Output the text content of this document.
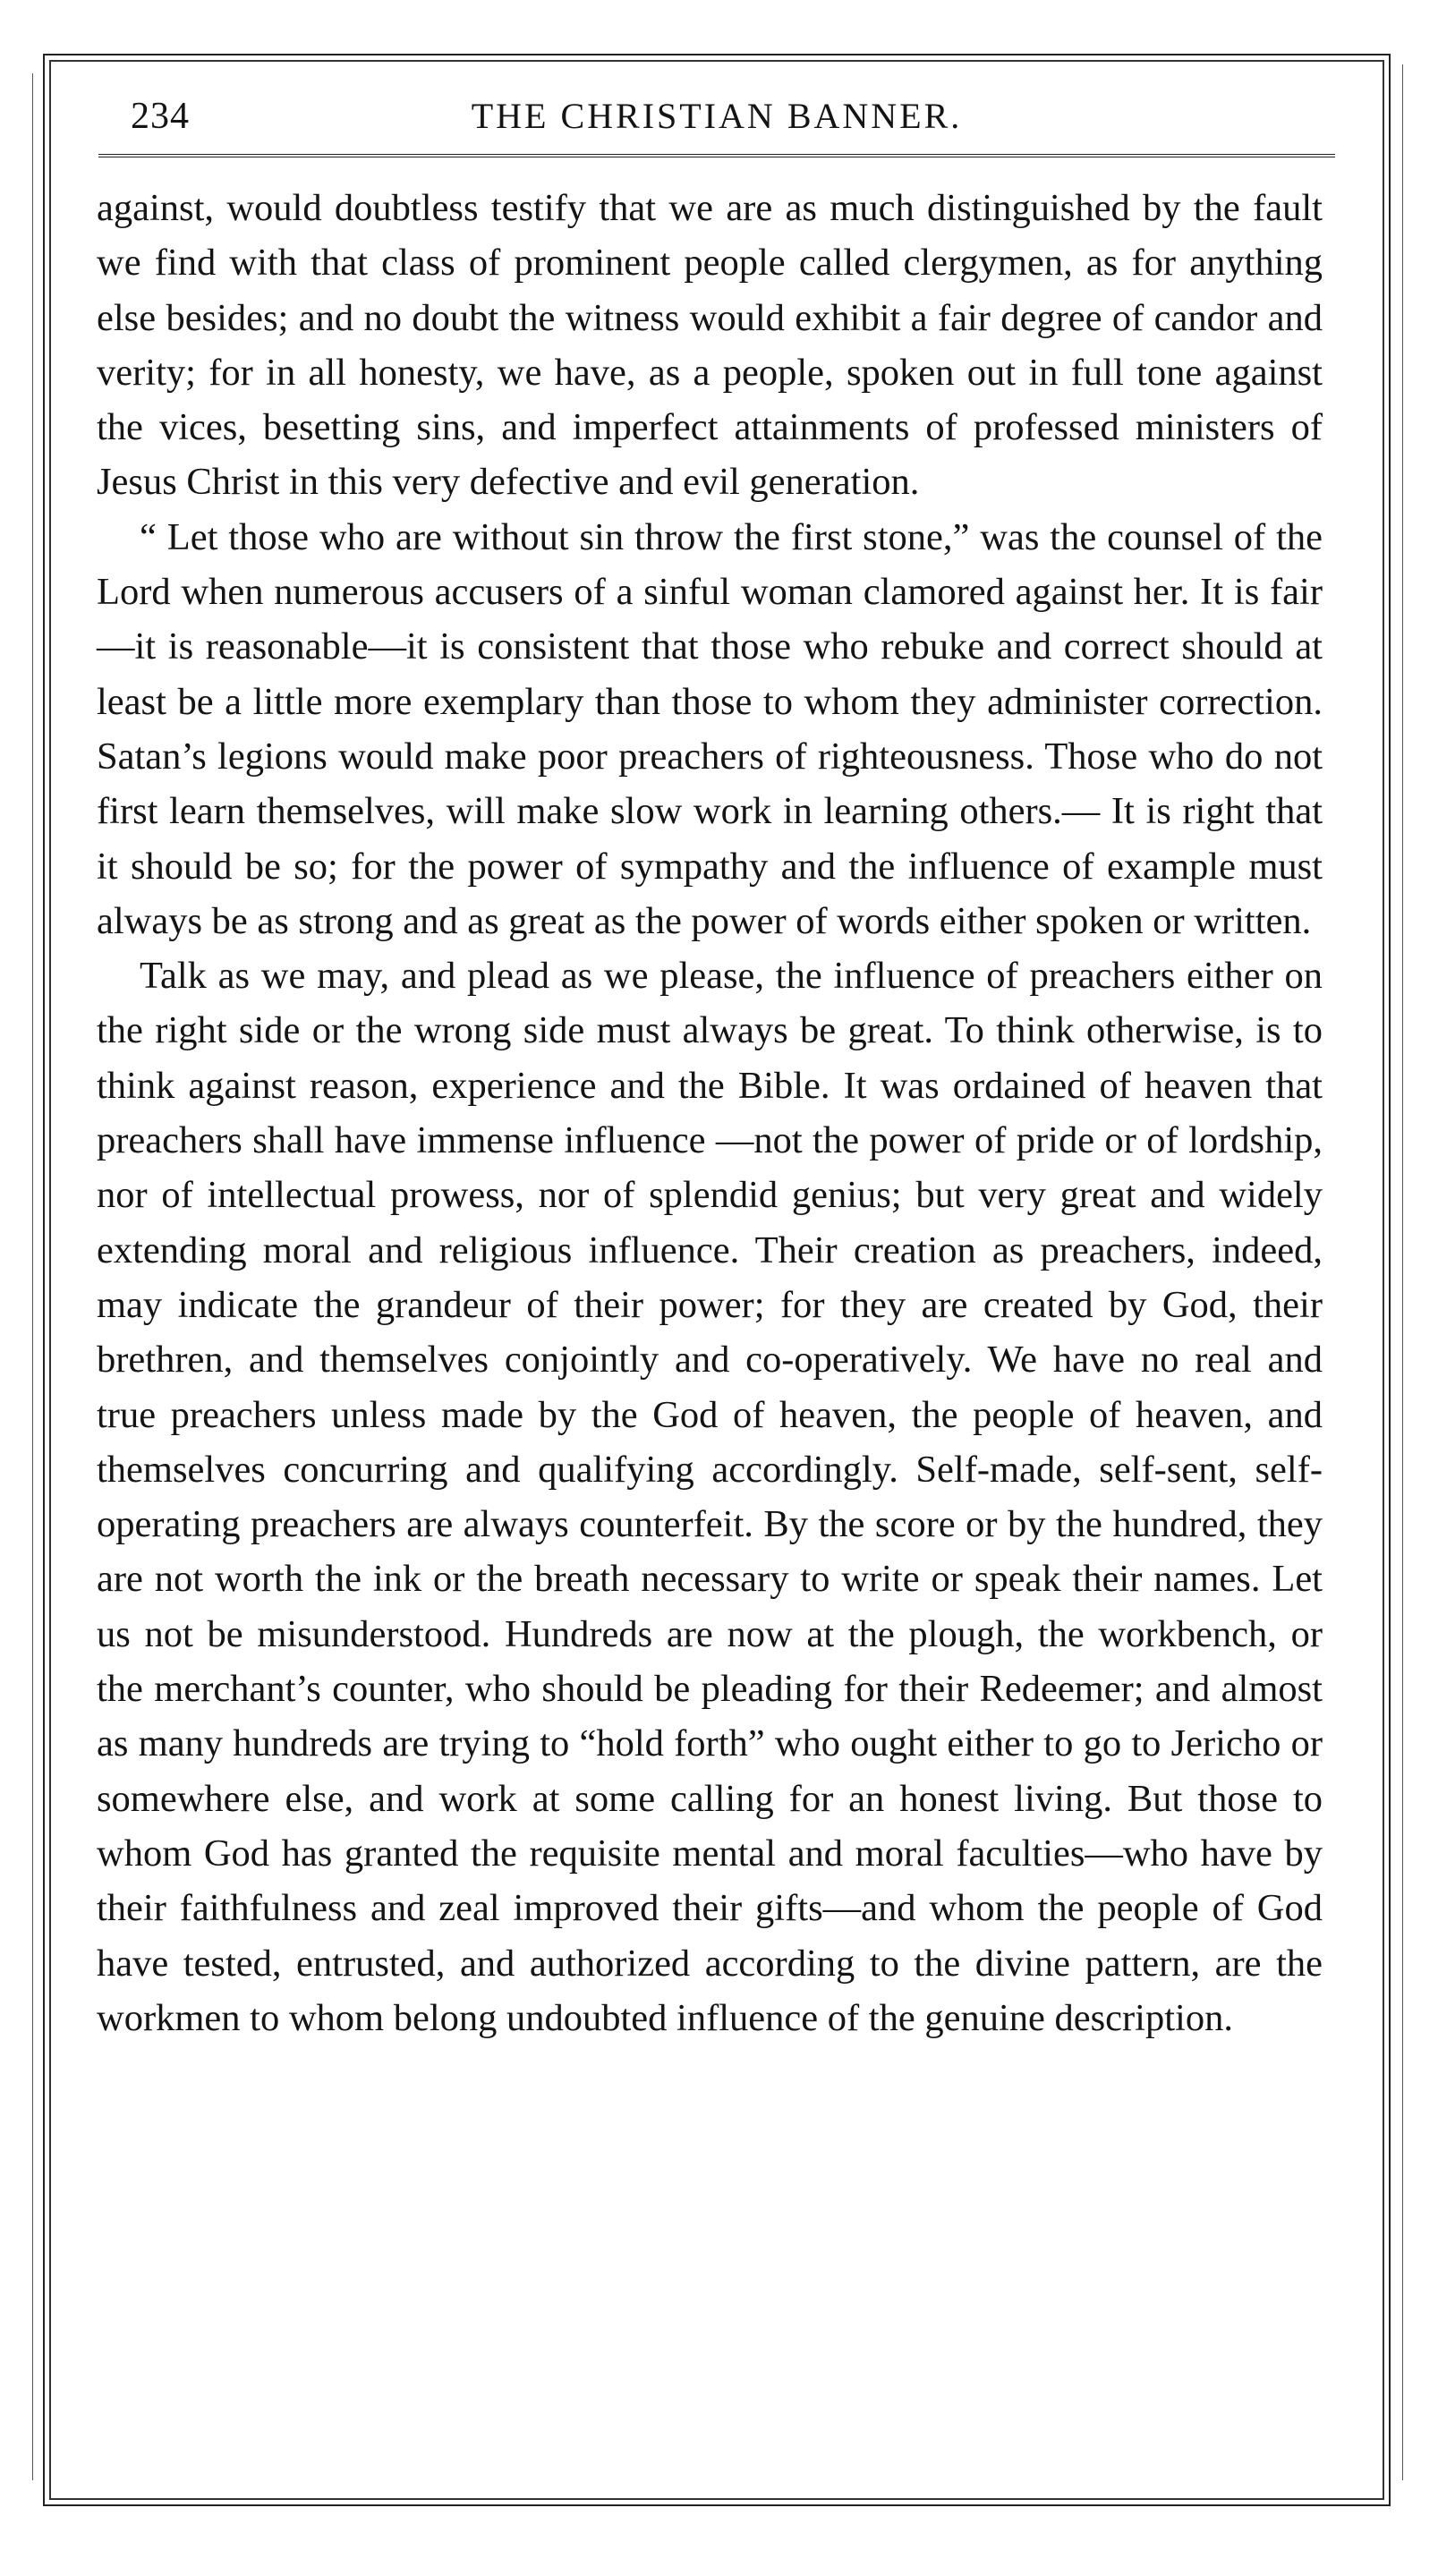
234	THE CHRISTIAN BANNER.

against, would doubtless testify that we are as much distinguished by the fault we find with that class of prominent people called clergymen, as for anything else besides; and no doubt the witness would exhibit a fair degree of candor and verity; for in all honesty, we have, as a people, spoken out in full tone against the vices, besetting sins, and imperfect attainments of professed ministers of Jesus Christ in this very defective and evil generation.

“ Let those who are without sin throw the first stone,” was the counsel of the Lord when numerous accusers of a sinful woman clamored against her. It is fair—it is reasonable—it is consistent that those who rebuke and correct should at least be a little more exemplary than those to whom they administer correction. Satan’s legions would make poor preachers of righteousness. Those who do not first learn themselves, will make slow work in learning others.— It is right that it should be so; for the power of sympathy and the influence of example must always be as strong and as great as the power of words either spoken or written.

Talk as we may, and plead as we please, the influence of preachers either on the right side or the wrong side must always be great. To think otherwise, is to think against reason, experience and the Bible. It was ordained of heaven that preachers shall have immense influence —not the power of pride or of lordship, nor of intellectual prowess, nor of splendid genius; but very great and widely extending moral and religious influence. Their creation as preachers, indeed, may indicate the grandeur of their power; for they are created by God, their brethren, and themselves conjointly and co-operatively. We have no real and true preachers unless made by the God of heaven, the people of heaven, and themselves concurring and qualifying accordingly. Self-made, self-sent, self-operating preachers are always counterfeit. By the score or by the hundred, they are not worth the ink or the breath necessary to write or speak their names. Let us not be misunderstood. Hundreds are now at the plough, the workbench, or the merchant’s counter, who should be pleading for their Redeemer; and almost as many hundreds are trying to “hold forth” who ought either to go to Jericho or somewhere else, and work at some calling for an honest living. But those to whom God has granted the requisite mental and moral faculties—who have by their faithfulness and zeal improved their gifts—and whom the people of God have tested, entrusted, and authorized according to the divine pattern, are the workmen to whom belong undoubted influence of the genuine description.
